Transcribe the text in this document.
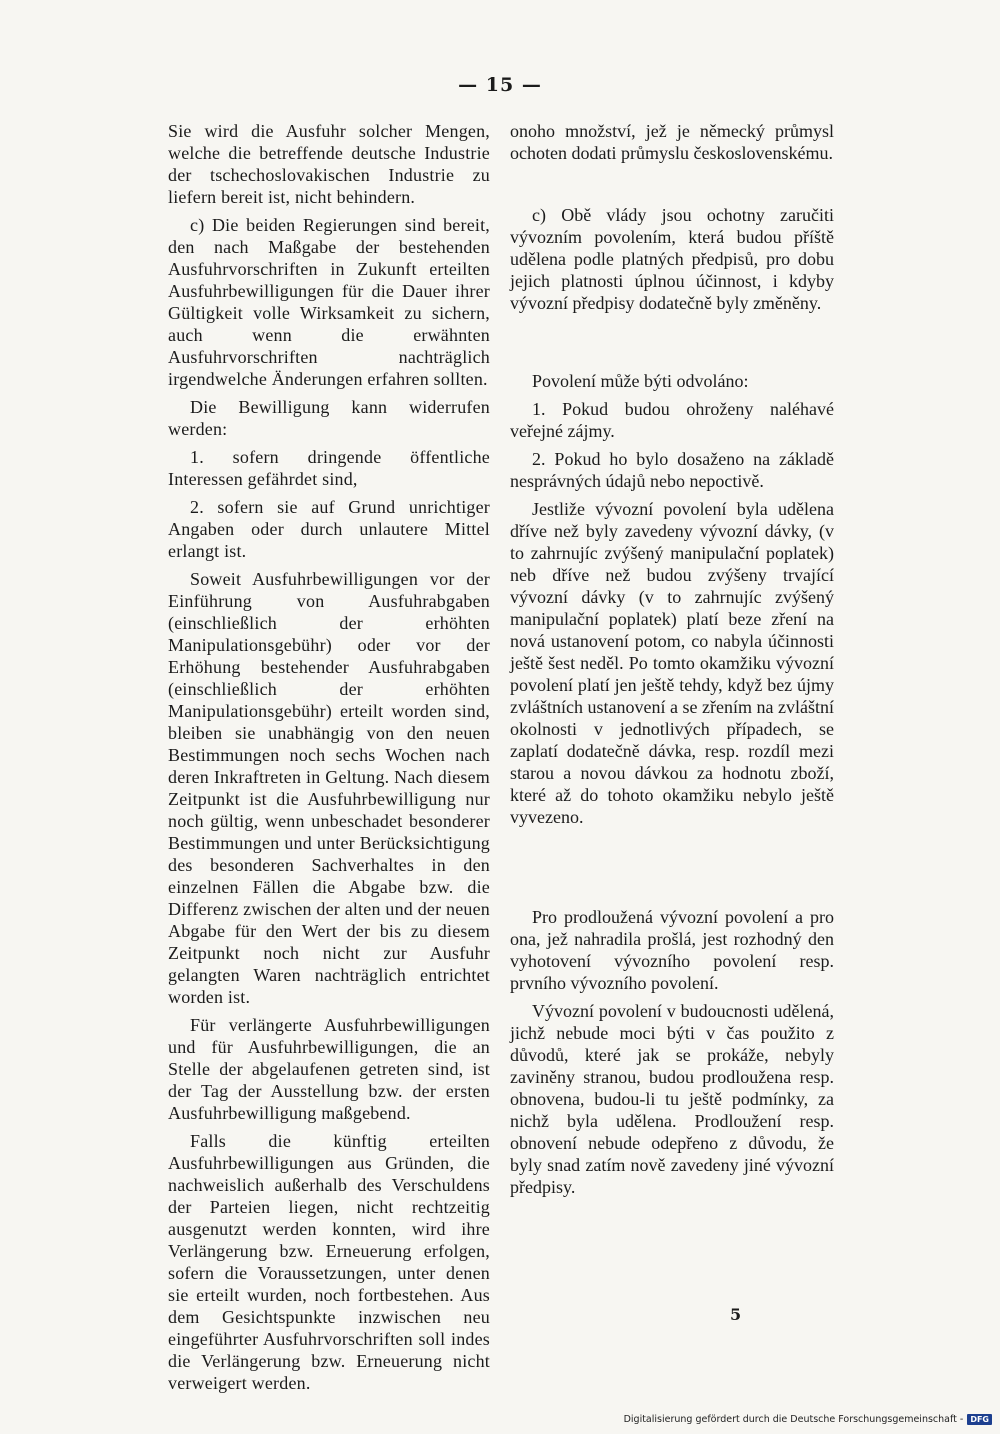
— 15 —

Sie wird die Ausfuhr solcher Mengen, welche die betreffende deutsche Industrie der tschechoslovakischen Industrie zu liefern bereit ist, nicht behindern.

c) Die beiden Regierungen sind bereit, den nach Maßgabe der bestehenden Ausfuhrvorschriften in Zukunft erteilten Ausfuhrbewilligungen für die Dauer ihrer Gültigkeit volle Wirksamkeit zu sichern, auch wenn die erwähnten Ausfuhrvorschriften nachträglich irgendwelche Änderungen erfahren sollten.

Die Bewilligung kann widerrufen werden:

1. sofern dringende öffentliche Interessen gefährdet sind,

2. sofern sie auf Grund unrichtiger Angaben oder durch unlautere Mittel erlangt ist.

Soweit Ausfuhrbewilligungen vor der Einführung von Ausfuhrabgaben (einschließlich der erhöhten Manipulationsgebühr) oder vor der Erhöhung bestehender Ausfuhrabgaben (einschließlich der erhöhten Manipulationsgebühr) erteilt worden sind, bleiben sie unabhängig von den neuen Bestimmungen noch sechs Wochen nach deren Inkraftreten in Geltung. Nach diesem Zeitpunkt ist die Ausfuhrbewilligung nur noch gültig, wenn unbeschadet besonderer Bestimmungen und unter Berücksichtigung des besonderen Sachverhaltes in den einzelnen Fällen die Abgabe bzw. die Differenz zwischen der alten und der neuen Abgabe für den Wert der bis zu diesem Zeitpunkt noch nicht zur Ausfuhr gelangten Waren nachträglich entrichtet worden ist.

Für verlängerte Ausfuhrbewilligungen und für Ausfuhrbewilligungen, die an Stelle der abgelaufenen getreten sind, ist der Tag der Ausstellung bzw. der ersten Ausfuhrbewilligung maßgebend.

Falls die künftig erteilten Ausfuhrbewilligungen aus Gründen, die nachweislich außerhalb des Verschuldens der Parteien liegen, nicht rechtzeitig ausgenutzt werden konnten, wird ihre Verlängerung bzw. Erneuerung erfolgen, sofern die Voraussetzungen, unter denen sie erteilt wurden, noch fortbestehen. Aus dem Gesichtspunkte inzwischen neu eingeführter Ausfuhrvorschriften soll indes die Verlängerung bzw. Erneuerung nicht verweigert werden.

onoho množství, jež je německý průmysl ochoten dodati průmyslu československému.

c) Obě vlády jsou ochotny zaručiti vývozním povolením, která budou příště udělena podle platných předpisů, pro dobu jejich platnosti úplnou účinnost, i kdyby vývozní předpisy dodatečně byly změněny.

Povolení může býti odvoláno:

1. Pokud budou ohroženy naléhavé veřejné zájmy.

2. Pokud ho bylo dosaženo na základě nesprávných údajů nebo nepoctivě.

Jestliže vývozní povolení byla udělena dříve než byly zavedeny vývozní dávky, (v to zahrnujíc zvýšený manipulační poplatek) neb dříve než budou zvýšeny trvající vývozní dávky (v to zahrnujíc zvýšený manipulační poplatek) platí beze zření na nová ustanovení potom, co nabyla účinnosti ještě šest neděl. Po tomto okamžiku vývozní povolení platí jen ještě tehdy, když bez újmy zvláštních ustanovení a se zřením na zvláštní okolnosti v jednotlivých případech, se zaplatí dodatečně dávka, resp. rozdíl mezi starou a novou dávkou za hodnotu zboží, které až do tohoto okamžiku nebylo ještě vyvezeno.

Pro prodloužená vývozní povolení a pro ona, jež nahradila prošlá, jest rozhodný den vyhotovení vývozního povolení resp. prvního vývozního povolení.

Vývozní povolení v budoucnosti udělená, jichž nebude moci býti v čas použito z důvodů, které jak se prokáže, nebyly zaviněny stranou, budou prodloužena resp. obnovena, budou-li tu ještě podmínky, za nichž byla udělena. Prodloužení resp. obnovení nebude odepřeno z důvodu, že byly snad zatím nově zavedeny jiné vývozní předpisy.

5
Digitalisierung gefördert durch die Deutsche Forschungsgemeinschaft - DFG
